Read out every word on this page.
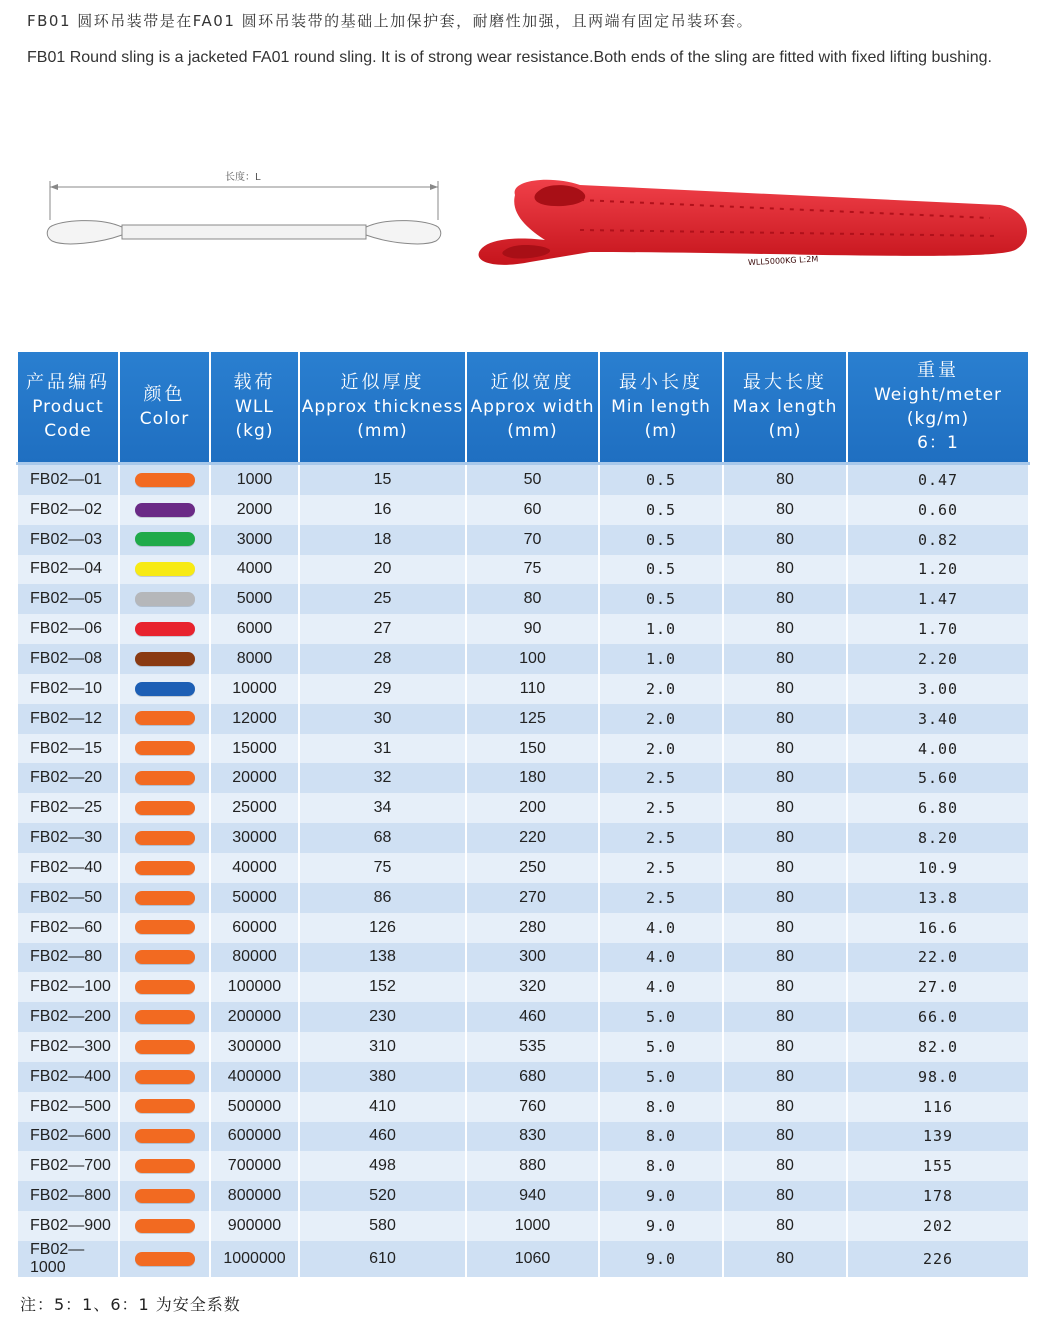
FB01 圆环吊装带是在FA01 圆环吊装带的基础上加保护套，耐磨性加强，且两端有固定吊装环套。
FB01 Round sling is a jacketed FA01 round sling. It is of strong wear resistance.Both ends of the sling are fitted with fixed lifting bushing.
长度：L
WLL5000KG L:2M
产品编码
Product
Code	颜色
Color	载荷
WLL
(kg)	近似厚度
Approx thickness
(mm)	近似宽度
Approx width
(mm)	最小长度
Min length
(m)	最大长度
Max length
(m)	重量
Weight/meter
(kg/m)
6：1

FB02—01		1000	15	50	0.5	80	0.47
FB02—02		2000	16	60	0.5	80	0.60
FB02—03		3000	18	70	0.5	80	0.82
FB02—04		4000	20	75	0.5	80	1.20
FB02—05		5000	25	80	0.5	80	1.47
FB02—06		6000	27	90	1.0	80	1.70
FB02—08		8000	28	100	1.0	80	2.20
FB02—10		10000	29	110	2.0	80	3.00
FB02—12		12000	30	125	2.0	80	3.40
FB02—15		15000	31	150	2.0	80	4.00
FB02—20		20000	32	180	2.5	80	5.60
FB02—25		25000	34	200	2.5	80	6.80
FB02—30		30000	68	220	2.5	80	8.20
FB02—40		40000	75	250	2.5	80	10.9
FB02—50		50000	86	270	2.5	80	13.8
FB02—60		60000	126	280	4.0	80	16.6
FB02—80		80000	138	300	4.0	80	22.0
FB02—100		100000	152	320	4.0	80	27.0
FB02—200		200000	230	460	5.0	80	66.0
FB02—300		300000	310	535	5.0	80	82.0
FB02—400		400000	380	680	5.0	80	98.0
FB02—500		500000	410	760	8.0	80	116
FB02—600		600000	460	830	8.0	80	139
FB02—700		700000	498	880	8.0	80	155
FB02—800		800000	520	940	9.0	80	178
FB02—900		900000	580	1000	9.0	80	202
FB02—1000		1000000	610	1060	9.0	80	226
注：5：1、6：1 为安全系数
